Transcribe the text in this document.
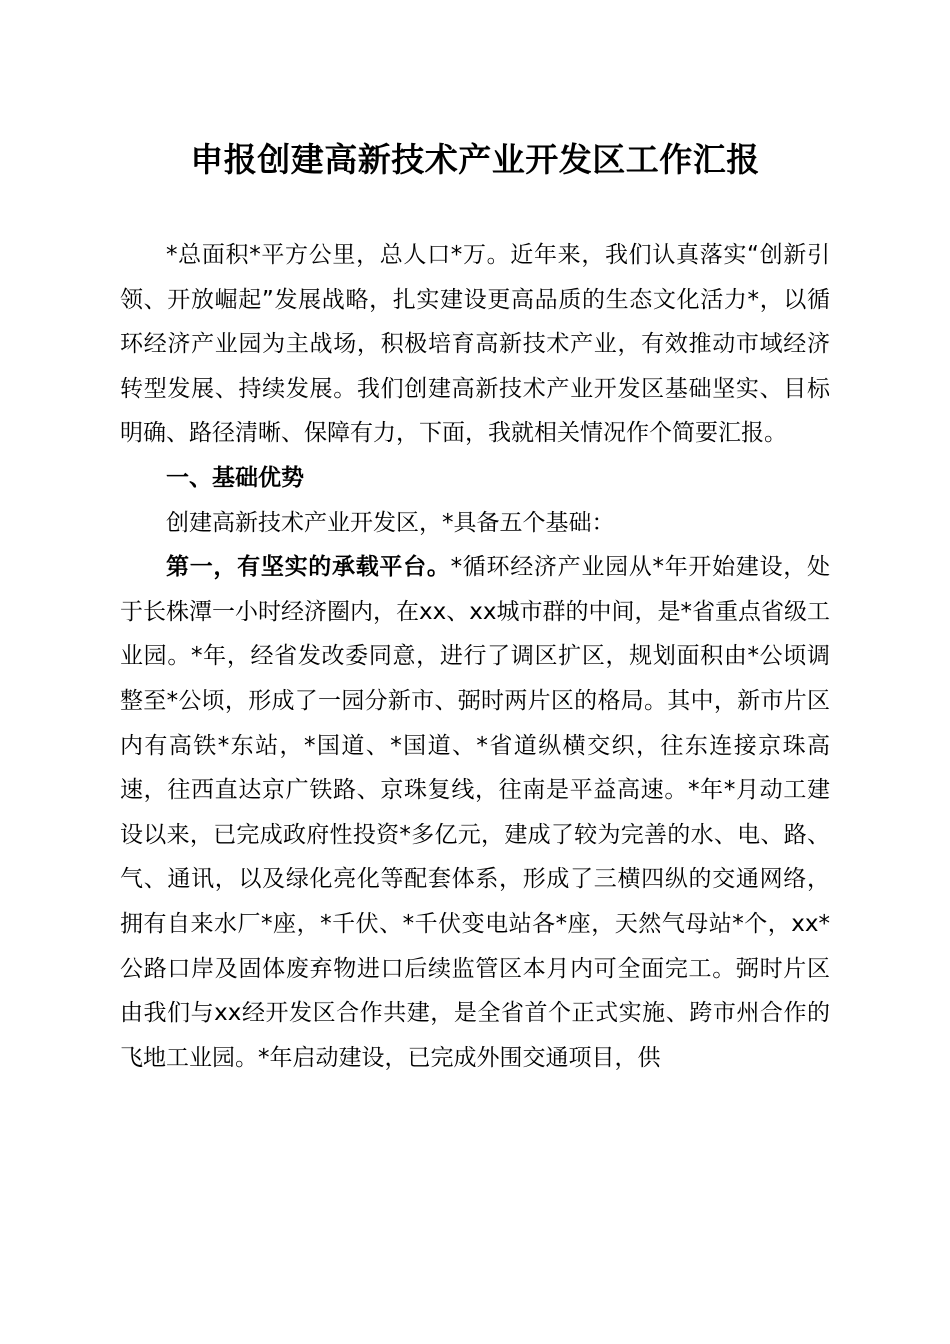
申报创建高新技术产业开发区工作汇报

*总面积*平方公里，总人口*万。近年来，我们认真落实“创新引领、开放崛起”发展战略，扎实建设更高品质的生态文化活力*，以循环经济产业园为主战场，积极培育高新技术产业，有效推动市域经济转型发展、持续发展。我们创建高新技术产业开发区基础坚实、目标明确、路径清晰、保障有力，下面，我就相关情况作个简要汇报。

一、基础优势

创建高新技术产业开发区，*具备五个基础：

第一，有坚实的承载平台。*循环经济产业园从*年开始建设，处于长株潭一小时经济圈内，在xx、xx城市群的中间，是*省重点省级工业园。*年，经省发改委同意，进行了调区扩区，规划面积由*公顷调整至*公顷，形成了一园分新市、弼时两片区的格局。其中，新市片区内有高铁*东站，*国道、*国道、*省道纵横交织，往东连接京珠高速，往西直达京广铁路、京珠复线，往南是平益高速。*年*月动工建设以来，已完成政府性投资*多亿元，建成了较为完善的水、电、路、气、通讯，以及绿化亮化等配套体系，形成了三横四纵的交通网络，拥有自来水厂*座，*千伏、*千伏变电站各*座，天然气母站*个，xx*公路口岸及固体废弃物进口后续监管区本月内可全面完工。弼时片区由我们与xx经开发区合作共建，是全省首个正式实施、跨市州合作的飞地工业园。*年启动建设，已完成外围交通项目，供
